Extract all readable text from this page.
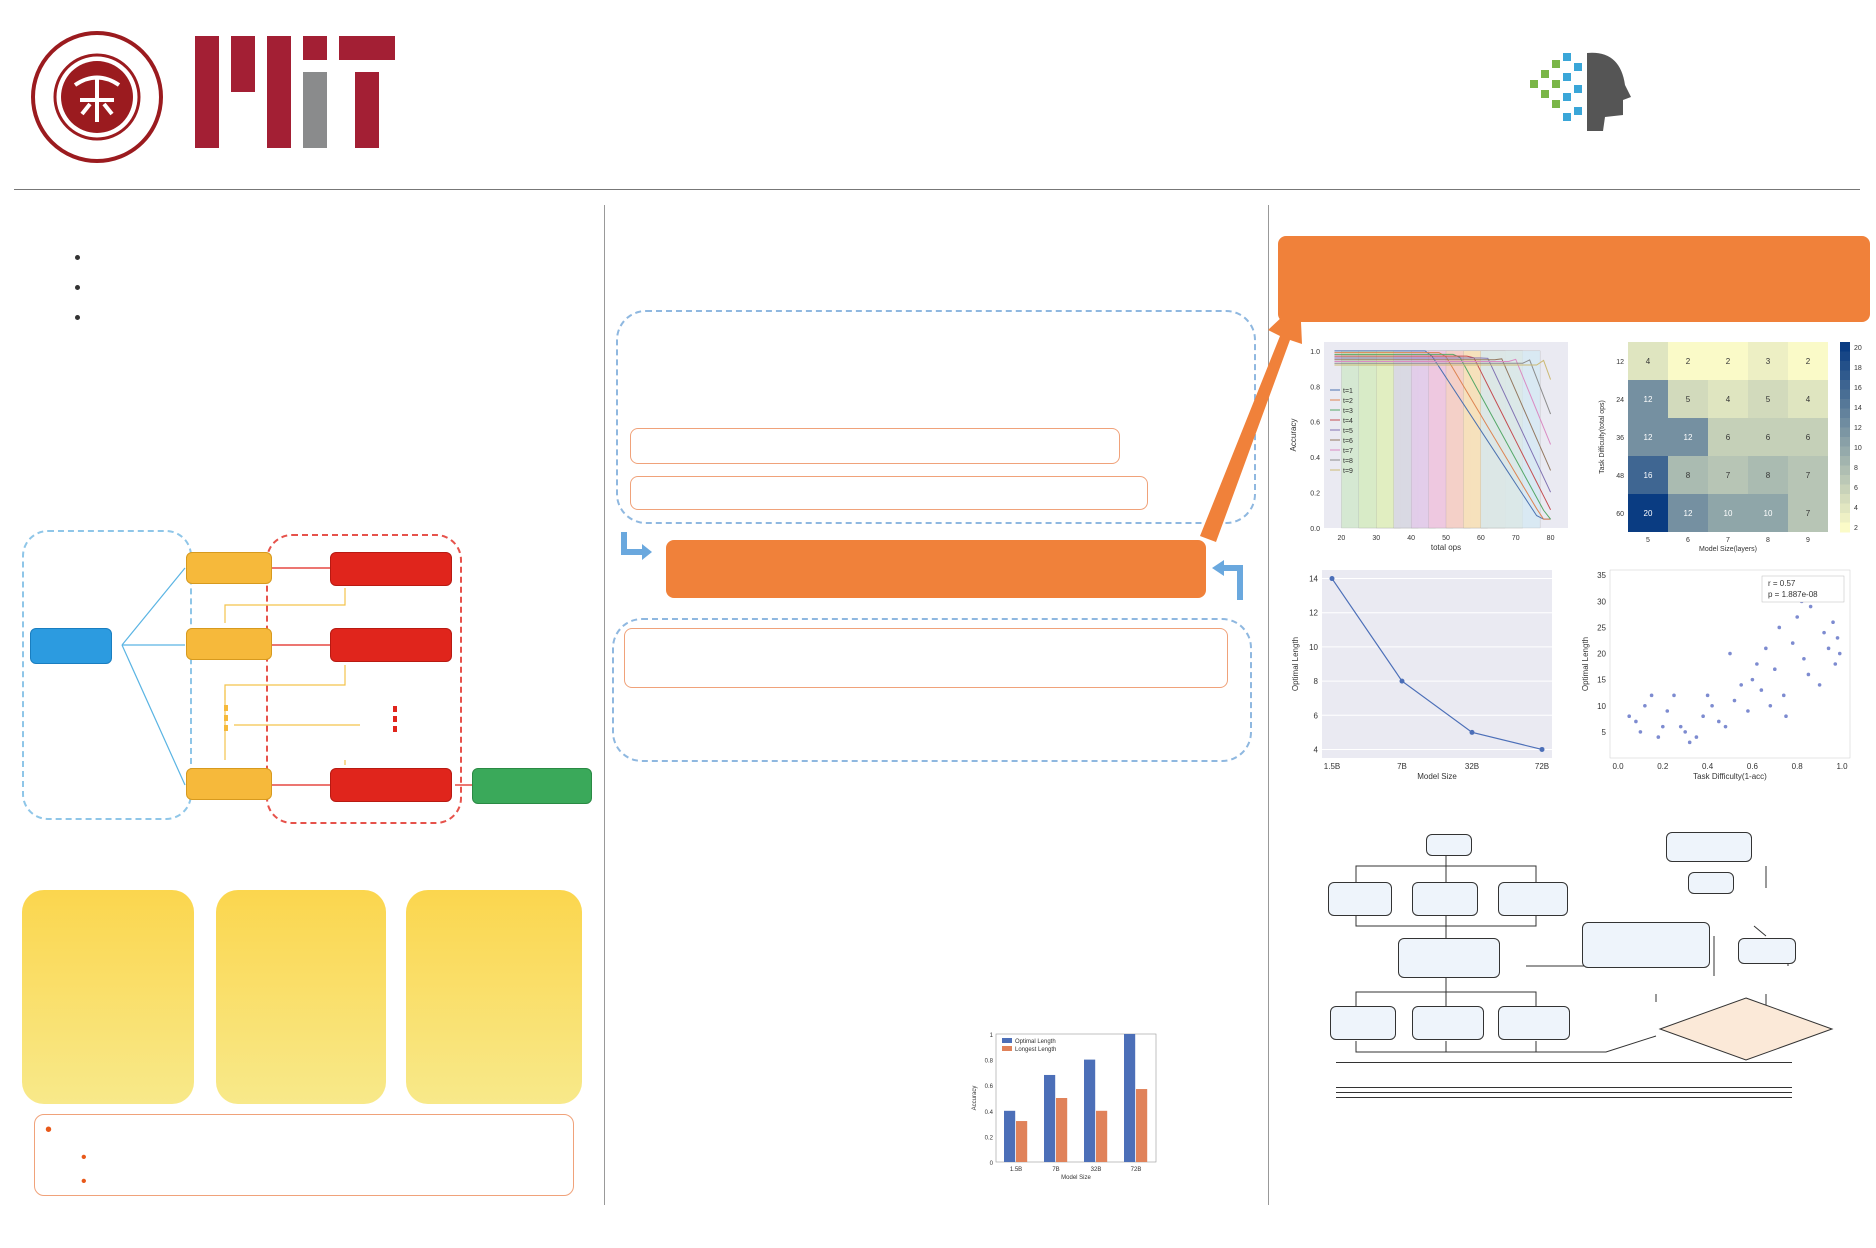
•
•
•
•
•
•
0
0.2
0.4
0.6
0.8
1
1.5B	7B	32B	72B
Optimal Length
Longest Length
Model Size
Accuracy
0.0
0.2
0.4
0.6
0.8
1.0
20	30	40	50	60	70	80
t=1
t=2
t=3
t=4
t=5
t=6
t=7
t=8
t=9
total ops
Accuracy
4	2	2	3	2
12	5	4	5	4
12	12	6	6	6
16	8	7	8	7
20	12	10	10	7
5	6	7	8	9
12
24
36
48
60
20
18
16
14
12
10
8
6
4
2
Model Size(layers)
Task Difficulty(total ops)
4
6
8
10
12
14
1.5B	7B	32B	72B
Model Size
Optimal Length
5
10
15
20
25
30
35
0.0	0.2	0.4	0.6	0.8	1.0
r = 0.57
p = 1.887e-08
Task Difficulty(1-acc)
Optimal Length
